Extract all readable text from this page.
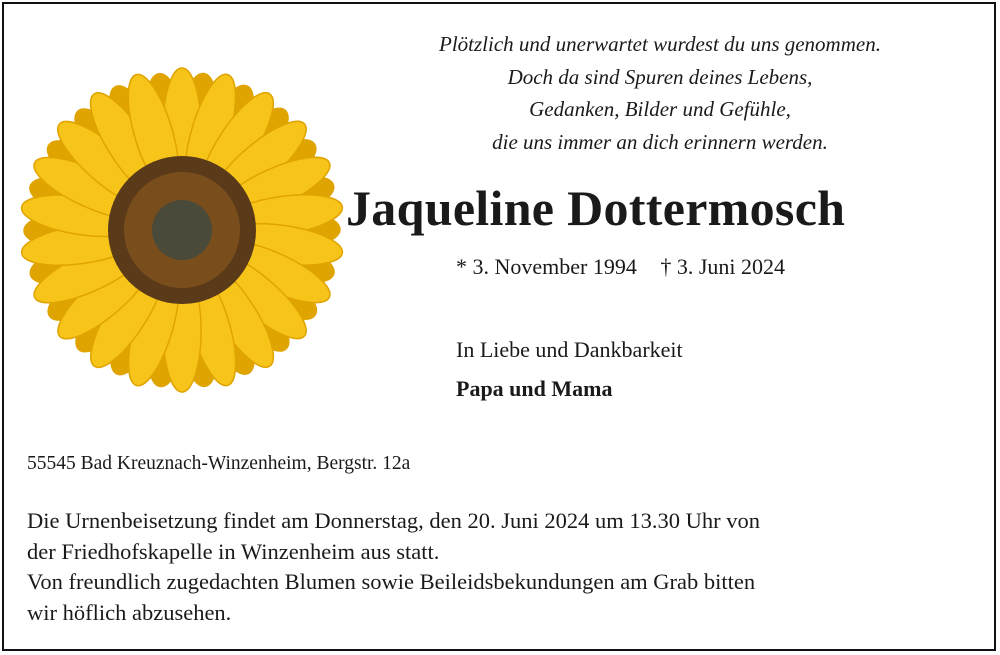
Plötzlich und unerwartet wurdest du uns genommen.
Doch da sind Spuren deines Lebens,
Gedanken, Bilder und Gefühle,
die uns immer an dich erinnern werden.
Jaqueline Dottermosch
* 3. November 1994 † 3. Juni 2024
In Liebe und Dankbarkeit
Papa und Mama
55545 Bad Kreuznach-Winzenheim, Bergstr. 12a
Die Urnenbeisetzung findet am Donnerstag, den 20. Juni 2024 um 13.30 Uhr von
der Friedhofskapelle in Winzenheim aus statt.
Von freundlich zugedachten Blumen sowie Beileidsbekundungen am Grab bitten
wir höflich abzusehen.
